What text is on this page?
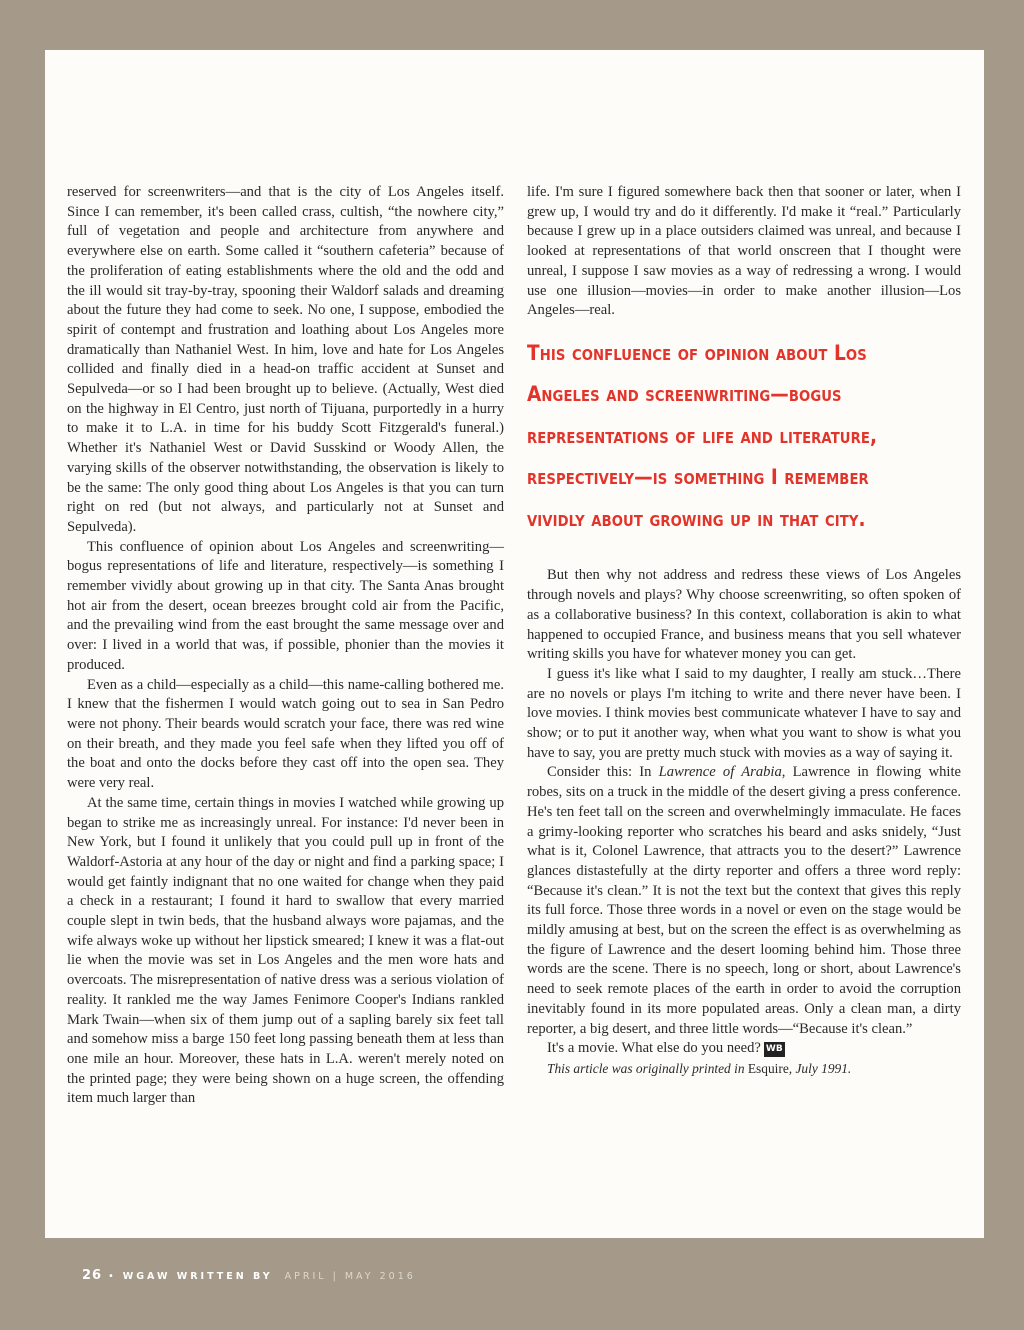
reserved for screenwriters—and that is the city of Los Angeles itself. Since I can remember, it's been called crass, cultish, “the nowhere city,” full of vegetation and people and architecture from anywhere and everywhere else on earth. Some called it “southern cafeteria” because of the proliferation of eating establishments where the old and the odd and the ill would sit tray-by-tray, spooning their Waldorf salads and dreaming about the future they had come to seek. No one, I suppose, embodied the spirit of contempt and frustration and loathing about Los Angeles more dramatically than Nathaniel West. In him, love and hate for Los Angeles collided and finally died in a head-on traffic accident at Sunset and Sepulveda—or so I had been brought up to believe. (Actually, West died on the highway in El Centro, just north of Tijuana, purportedly in a hurry to make it to L.A. in time for his buddy Scott Fitzgerald's funeral.) Whether it's Nathaniel West or David Susskind or Woody Allen, the varying skills of the observer notwithstanding, the observation is likely to be the same: The only good thing about Los Angeles is that you can turn right on red (but not always, and particularly not at Sunset and Sepulveda).

This confluence of opinion about Los Angeles and screenwriting—bogus representations of life and literature, respectively—is something I remember vividly about growing up in that city. The Santa Anas brought hot air from the desert, ocean breezes brought cold air from the Pacific, and the prevailing wind from the east brought the same message over and over: I lived in a world that was, if possible, phonier than the movies it produced.

Even as a child—especially as a child—this name-calling bothered me. I knew that the fishermen I would watch going out to sea in San Pedro were not phony. Their beards would scratch your face, there was red wine on their breath, and they made you feel safe when they lifted you off of the boat and onto the docks before they cast off into the open sea. They were very real.

At the same time, certain things in movies I watched while growing up began to strike me as increasingly unreal. For instance: I'd never been in New York, but I found it unlikely that you could pull up in front of the Waldorf-Astoria at any hour of the day or night and find a parking space; I would get faintly indignant that no one waited for change when they paid a check in a restaurant; I found it hard to swallow that every married couple slept in twin beds, that the husband always wore pajamas, and the wife always woke up without her lipstick smeared; I knew it was a flat-out lie when the movie was set in Los Angeles and the men wore hats and overcoats. The misrepresentation of native dress was a serious violation of reality. It rankled me the way James Fenimore Cooper's Indians rankled Mark Twain—when six of them jump out of a sapling barely six feet tall and somehow miss a barge 150 feet long passing beneath them at less than one mile an hour. Moreover, these hats in L.A. weren't merely noted on the printed page; they were being shown on a huge screen, the offending item much larger than

life. I'm sure I figured somewhere back then that sooner or later, when I grew up, I would try and do it differently. I'd make it “real.” Particularly because I grew up in a place outsiders claimed was unreal, and because I looked at representations of that world onscreen that I thought were unreal, I suppose I saw movies as a way of redressing a wrong. I would use one illusion—movies—in order to make another illusion—Los Angeles—real.

This confluence of opinion about Los Angeles and screenwriting—bogus representations of life and literature, respectively—is something I remember vividly about growing up in that city.

But then why not address and redress these views of Los Angeles through novels and plays? Why choose screenwriting, so often spoken of as a collaborative business? In this context, collaboration is akin to what happened to occupied France, and business means that you sell whatever writing skills you have for whatever money you can get.

I guess it's like what I said to my daughter, I really am stuck…There are no novels or plays I'm itching to write and there never have been. I love movies. I think movies best communicate whatever I have to say and show; or to put it another way, when what you want to show is what you have to say, you are pretty much stuck with movies as a way of saying it.

Consider this: In Lawrence of Arabia, Lawrence in flowing white robes, sits on a truck in the middle of the desert giving a press conference. He's ten feet tall on the screen and overwhelmingly immaculate. He faces a grimy-looking reporter who scratches his beard and asks snidely, “Just what is it, Colonel Lawrence, that attracts you to the desert?” Lawrence glances distastefully at the dirty reporter and offers a three word reply: “Because it's clean.” It is not the text but the context that gives this reply its full force. Those three words in a novel or even on the stage would be mildly amusing at best, but on the screen the effect is as overwhelming as the figure of Lawrence and the desert looming behind him. Those three words are the scene. There is no speech, long or short, about Lawrence's need to seek remote places of the earth in order to avoid the corruption inevitably found in its more populated areas. Only a clean man, a dirty reporter, a big desert, and three little words—“Because it's clean.”

It's a movie. What else do you need? WB

This article was originally printed in Esquire, July 1991.

26 • WGAW WRITTEN BY APRIL | MAY 2016
